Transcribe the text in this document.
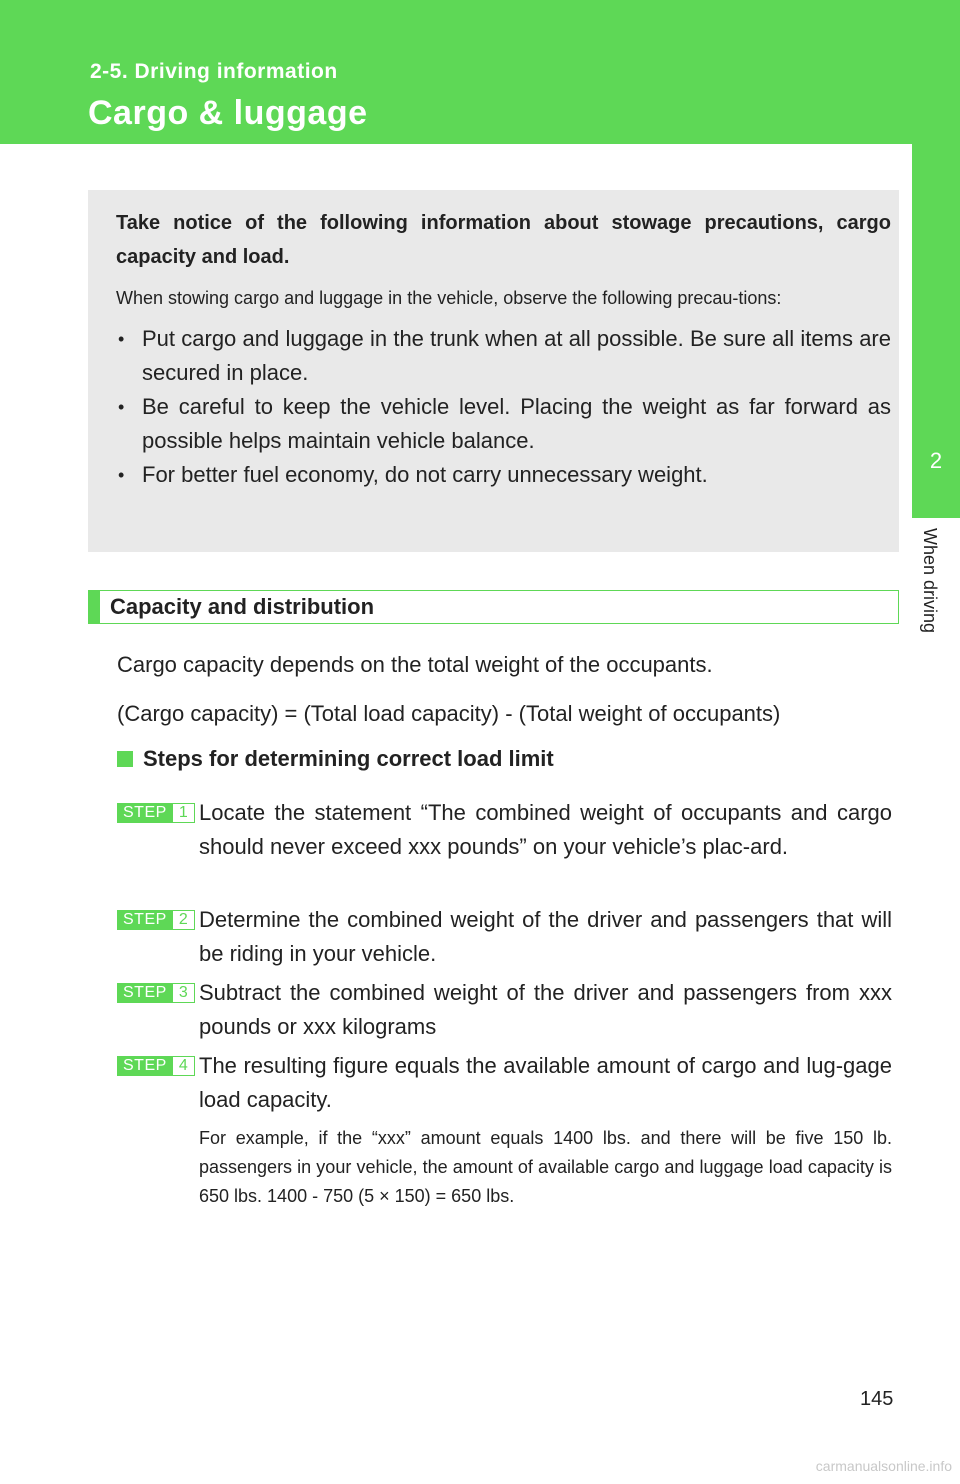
2-5. Driving information

Cargo & luggage
2
When driving

Take notice of the following information about stowage precautions, cargo capacity and load.

When stowing cargo and luggage in the vehicle, observe the following precau-tions:

• Put cargo and luggage in the trunk when at all possible. Be sure all items are secured in place.
• Be careful to keep the vehicle level. Placing the weight as far forward as possible helps maintain vehicle balance.
• For better fuel economy, do not carry unnecessary weight.
Capacity and distribution

Cargo capacity depends on the total weight of the occupants.

(Cargo capacity) = (Total load capacity) - (Total weight of occupants)

Steps for determining correct load limit
STEP 1 Locate the statement “The combined weight of occupants and cargo should never exceed xxx pounds” on your vehicle’s plac-ard.

STEP 2 Determine the combined weight of the driver and passengers that will be riding in your vehicle.

STEP 3 Subtract the combined weight of the driver and passengers from xxx pounds or xxx kilograms

STEP 4 The resulting figure equals the available amount of cargo and lug-gage load capacity.

For example, if the “xxx” amount equals 1400 lbs. and there will be five 150 lb. passengers in your vehicle, the amount of available cargo and luggage load capacity is 650 lbs. 1400 - 750 (5 × 150) = 650 lbs.

145
carmanualsonline.info
